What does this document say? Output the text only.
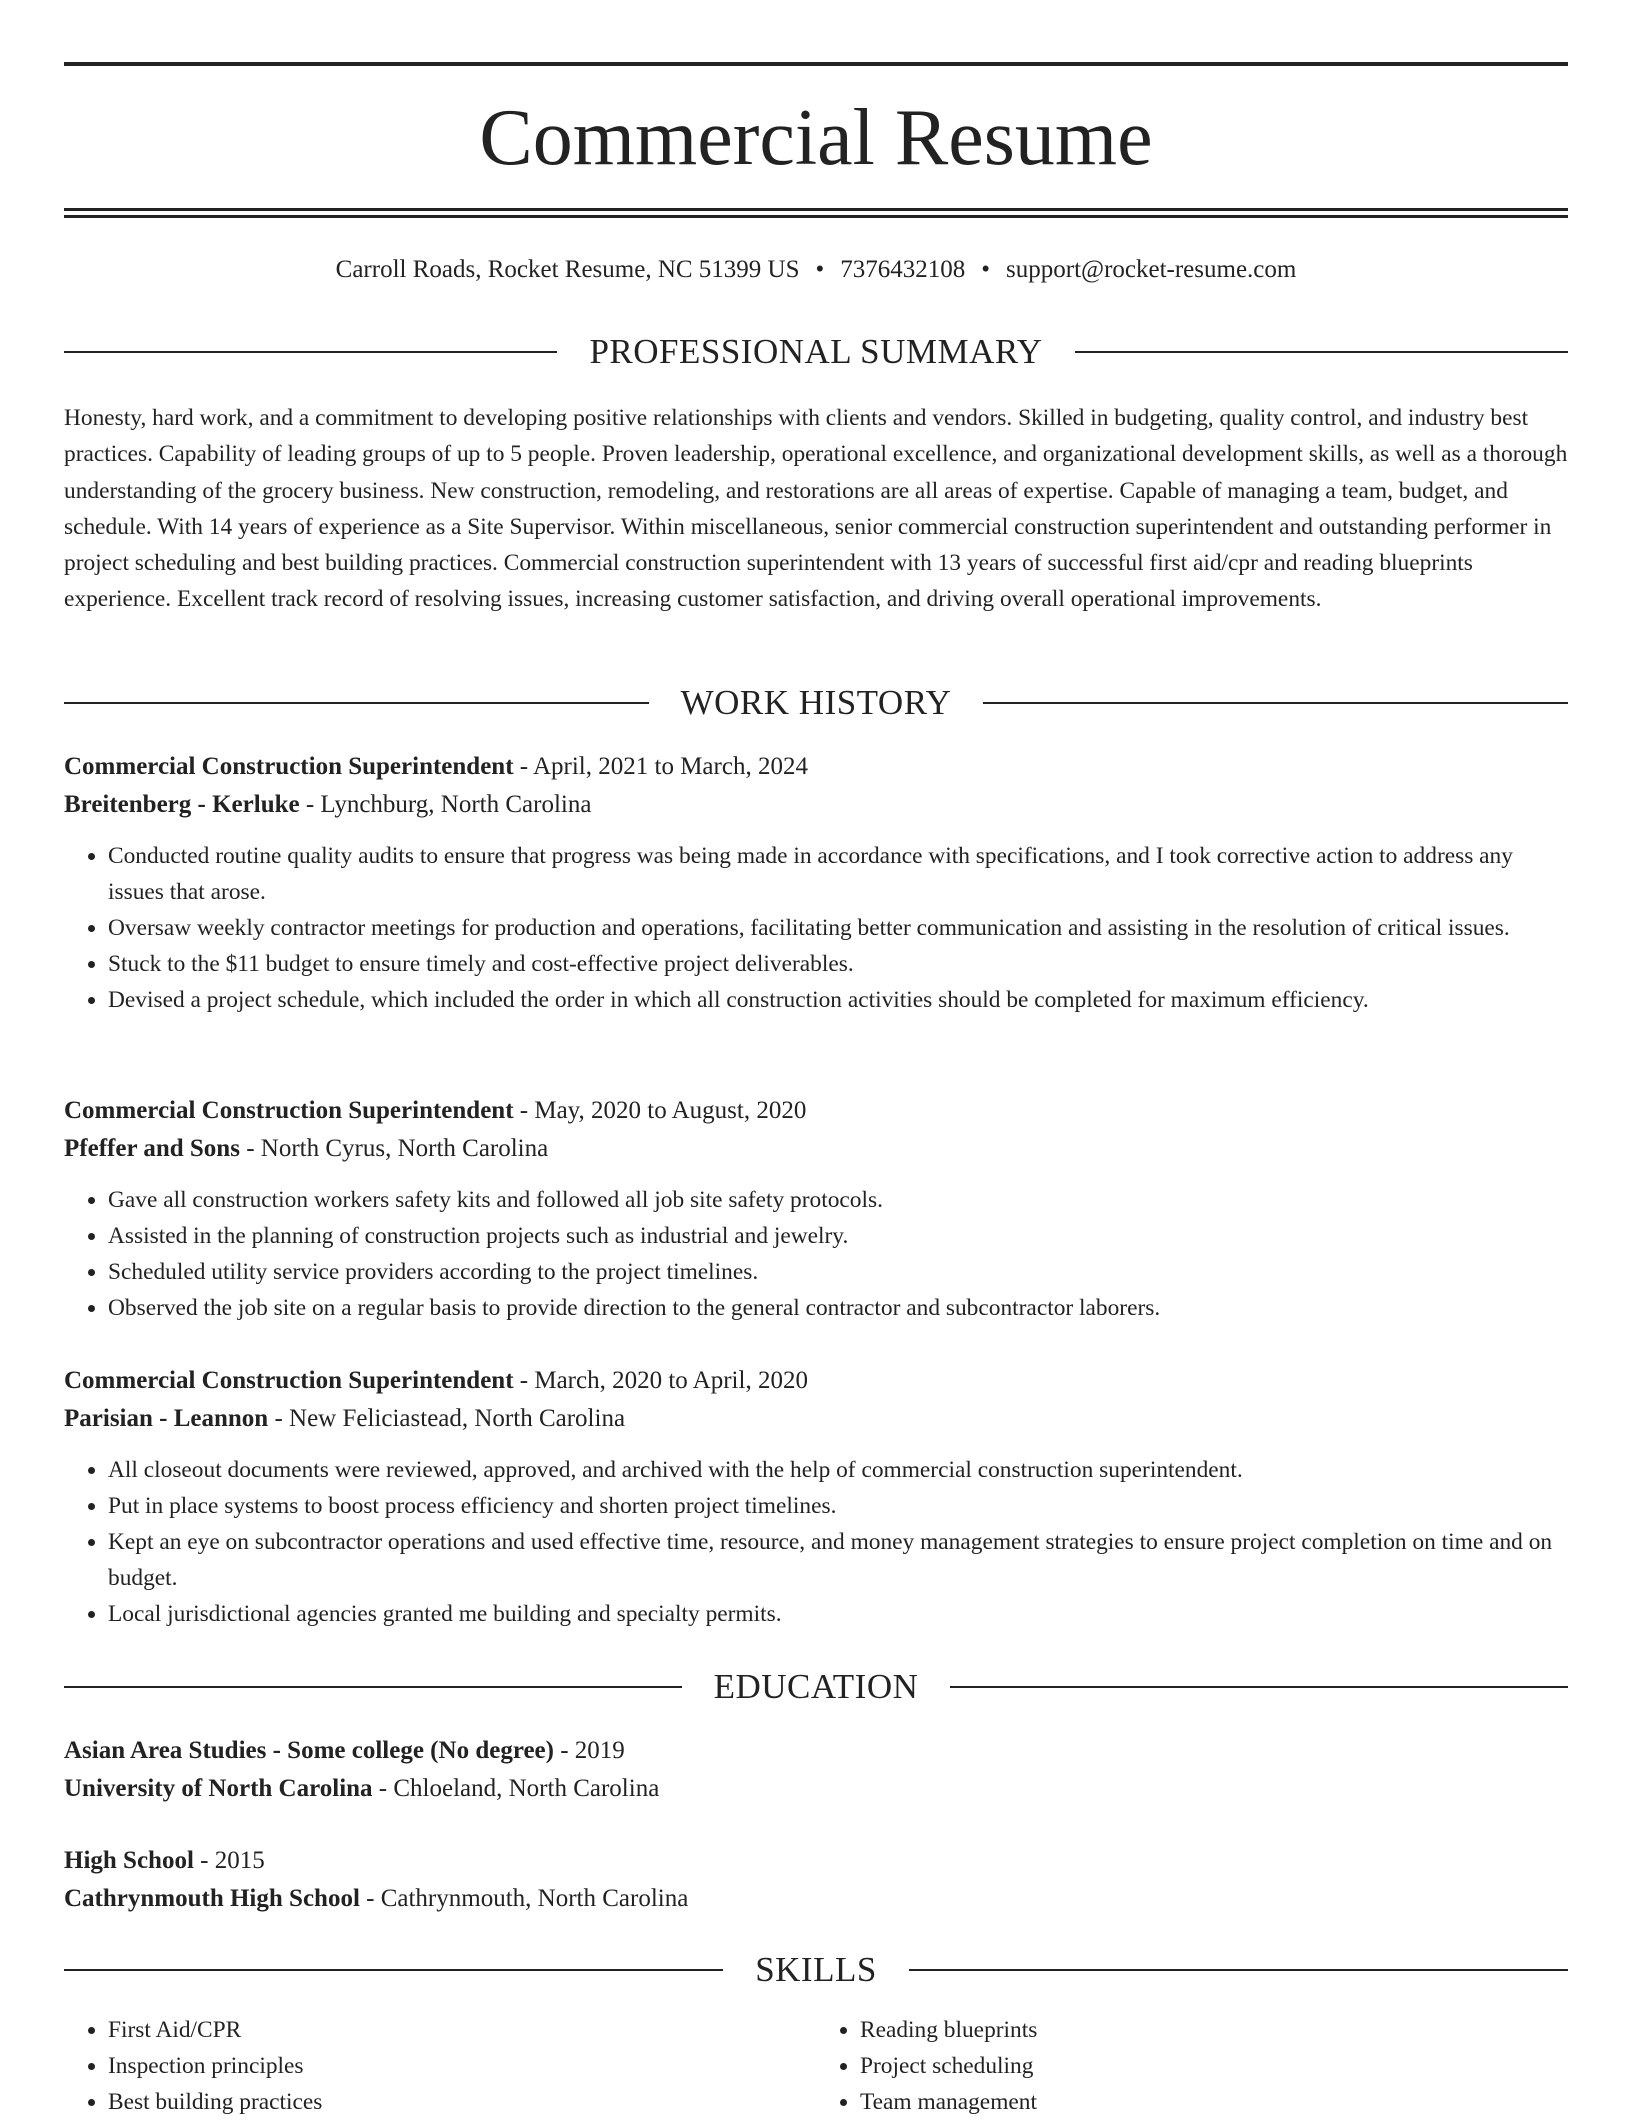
Commercial Resume
Carroll Roads, Rocket Resume, NC 51399 US • 7376432108 • support@rocket-resume.com
PROFESSIONAL SUMMARY

Honesty, hard work, and a commitment to developing positive relationships with clients and vendors. Skilled in budgeting, quality control, and industry best practices. Capability of leading groups of up to 5 people. Proven leadership, operational excellence, and organizational development skills, as well as a thorough understanding of the grocery business. New construction, remodeling, and restorations are all areas of expertise. Capable of managing a team, budget, and schedule. With 14 years of experience as a Site Supervisor. Within miscellaneous, senior commercial construction superintendent and outstanding performer in project scheduling and best building practices. Commercial construction superintendent with 13 years of successful first aid/cpr and reading blueprints experience. Excellent track record of resolving issues, increasing customer satisfaction, and driving overall operational improvements.

WORK HISTORY
Commercial Construction Superintendent - April, 2021 to March, 2024
Breitenberg - Kerluke - Lynchburg, North Carolina
• Conducted routine quality audits to ensure that progress was being made in accordance with specifications, and I took corrective action to address any issues that arose.
• Oversaw weekly contractor meetings for production and operations, facilitating better communication and assisting in the resolution of critical issues.
• Stuck to the $11 budget to ensure timely and cost-effective project deliverables.
• Devised a project schedule, which included the order in which all construction activities should be completed for maximum efficiency.
Commercial Construction Superintendent - May, 2020 to August, 2020
Pfeffer and Sons - North Cyrus, North Carolina
• Gave all construction workers safety kits and followed all job site safety protocols.
• Assisted in the planning of construction projects such as industrial and jewelry.
• Scheduled utility service providers according to the project timelines.
• Observed the job site on a regular basis to provide direction to the general contractor and subcontractor laborers.
Commercial Construction Superintendent - March, 2020 to April, 2020
Parisian - Leannon - New Feliciastead, North Carolina
• All closeout documents were reviewed, approved, and archived with the help of commercial construction superintendent.
• Put in place systems to boost process efficiency and shorten project timelines.
• Kept an eye on subcontractor operations and used effective time, resource, and money management strategies to ensure project completion on time and on budget.
• Local jurisdictional agencies granted me building and specialty permits.
EDUCATION
Asian Area Studies - Some college (No degree) - 2019
University of North Carolina - Chloeland, North Carolina
High School - 2015
Cathrynmouth High School - Cathrynmouth, North Carolina
SKILLS
• First Aid/CPR
• Inspection principles
• Best building practices
• Reading blueprints
• Project scheduling
• Team management
